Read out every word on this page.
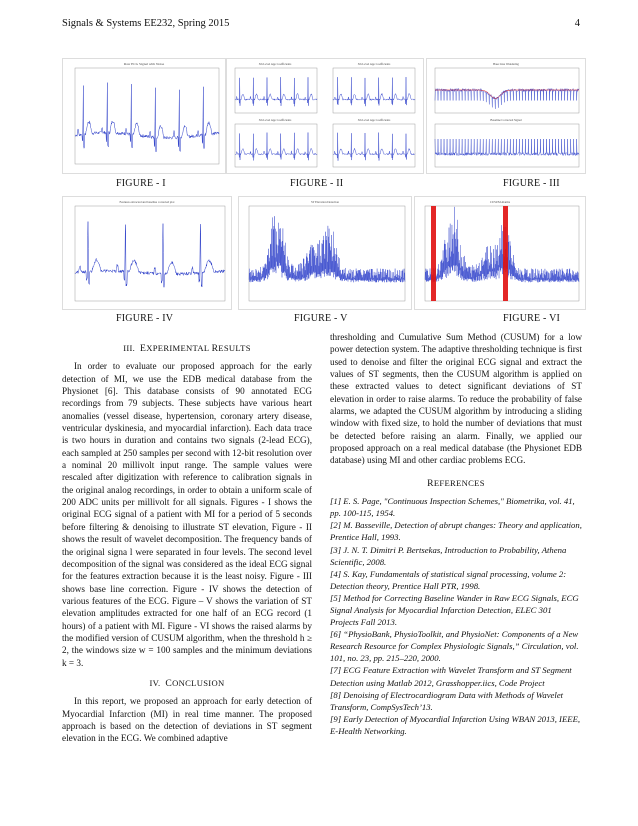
Signals & Systems EE232, Spring 2015	4
Raw ECG Signal with Noise
FIGURE - I
5th Level App Coefficients	5th Level App Coefficients
5th Level App Coefficients	5th Level App Coefficients
FIGURE - II
Base Line Wandering
Baseline Corrected Signal
FIGURE - III
Features extracted and baseline corrected plot
FIGURE - IV
ST Elevation Detection
FIGURE - V
CUSUM Alarms
FIGURE - VI
III. EXPERIMENTAL RESULTS

In order to evaluate our proposed approach for the early detection of MI, we use the EDB medical database from the Physionet [6]. This database consists of 90 annotated ECG recordings from 79 subjects. These subjects have various heart anomalies (vessel disease, hypertension, coronary artery disease, ventricular dyskinesia, and myocardial infarction). Each data trace is two hours in duration and contains two signals (2-lead ECG), each sampled at 250 samples per second with 12-bit resolution over a nominal 20 millivolt input range. The sample values were rescaled after digitization with reference to calibration signals in the original analog recordings, in order to obtain a uniform scale of 200 ADC units per millivolt for all signals. Figures - I shows the original ECG signal of a patient with MI for a period of 5 seconds before filtering & denoising to illustrate ST elevation, Figure - II shows the result of wavelet decomposition. The frequency bands of the original signa l were separated in four levels. The second level decomposition of the signal was considered as the ideal ECG signal for the features extraction because it is the least noisy. Figure - III shows base line correction. Figure - IV shows the detection of various features of the ECG. Figure – V shows the variation of ST elevation amplitudes extracted for one half of an ECG record (1 hours) of a patient with MI. Figure - VI shows the raised alarms by the modified version of CUSUM algorithm, when the threshold h ≥ 2, the windows size w = 100 samples and the minimum deviations k = 3.

IV. CONCLUSION

In this report, we proposed an approach for early detection of Myocardial Infarction (MI) in real time manner. The proposed approach is based on the detection of deviations in ST segment elevation in the ECG. We combined adaptive

thresholding and Cumulative Sum Method (CUSUM) for a low power detection system. The adaptive thresholding technique is first used to denoise and filter the original ECG signal and extract the values of ST segments, then the CUSUM algorithm is applied on these extracted values to detect significant deviations of ST elevation in order to raise alarms. To reduce the probability of false alarms, we adapted the CUSUM algorithm by introducing a sliding window with fixed size, to hold the number of deviations that must be detected before raising an alarm. Finally, we applied our proposed approach on a real medical database (the Physionet EDB database) using MI and other cardiac problems ECG.

REFERENCES
[1] E. S. Page, "Continuous Inspection Schemes," Biometrika, vol. 41, pp. 100-115, 1954.
[2] M. Basseville, Detection of abrupt changes: Theory and application, Prentice Hall, 1993.
[3] J. N. T. Dimitri P. Bertsekas, Introduction to Probability, Athena Scientific, 2008.
[4] S. Kay, Fundamentals of statistical signal processing, volume 2: Detection theory, Prentice Hall PTR, 1998.
[5] Method for Correcting Baseline Wander in Raw ECG Signals, ECG Signal Analysis for Myocardial Infarction Detection, ELEC 301 Projects Fall 2013.
[6] “PhysioBank, PhysioToolkit, and PhysioNet: Components of a New Research Resource for Complex Physiologic Signals,” Circulation, vol. 101, no. 23, pp. 215–220, 2000.
[7] ECG Feature Extraction with Wavelet Transform and ST Segment Detection using Matlab 2012, Grasshopper.iics, Code Project
[8] Denoising of Electrocardiogram Data with Methods of Wavelet Transform, CompSysTech’13.
[9] Early Detection of Myocardial Infarction Using WBAN 2013, IEEE, E-Health Networking.
